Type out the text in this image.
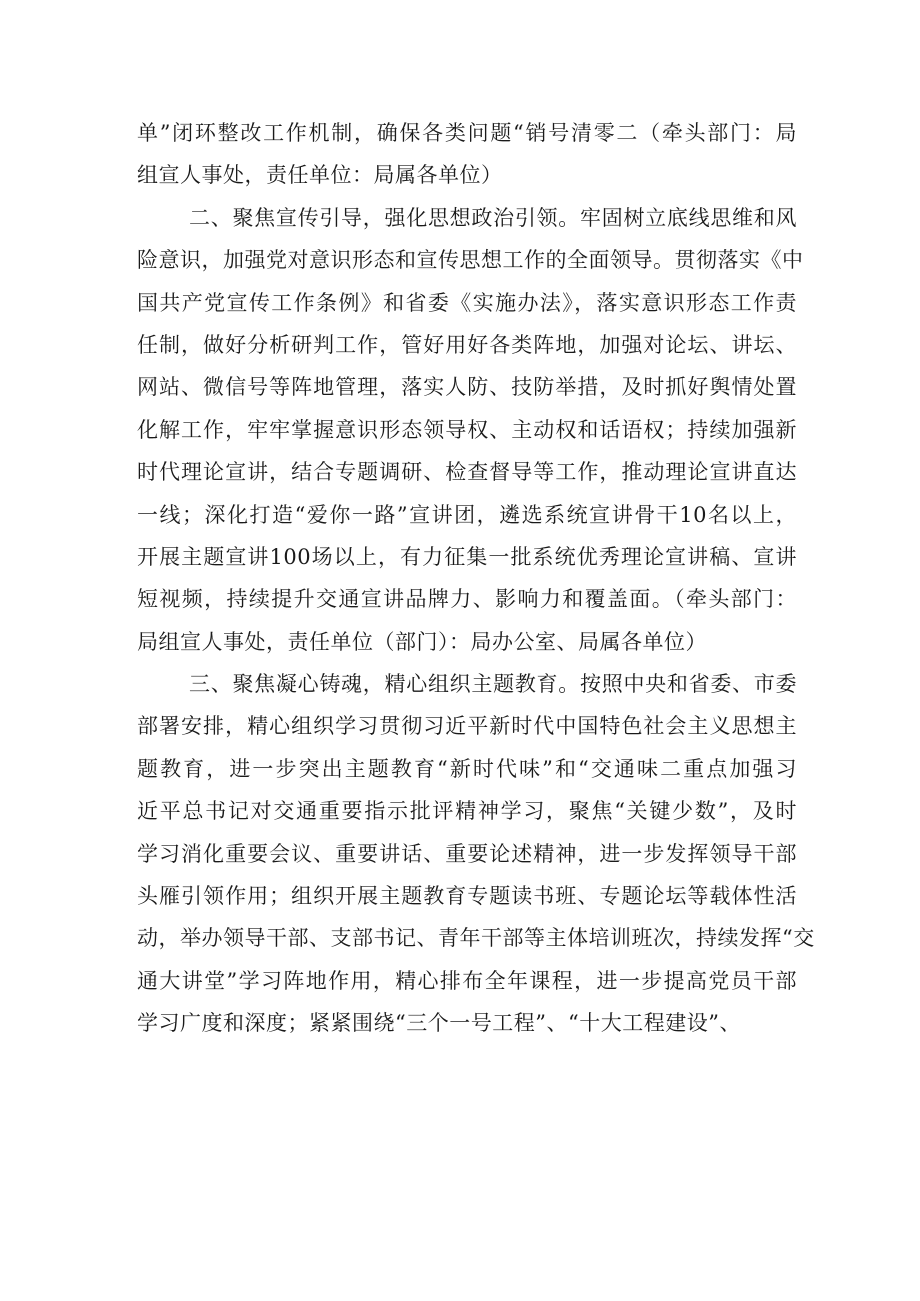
单”闭环整改工作机制，确保各类问题“销号清零二（牵头部门：局
组宣人事处，责任单位：局属各单位）
二、聚焦宣传引导，强化思想政治引领。牢固树立底线思维和风
险意识，加强党对意识形态和宣传思想工作的全面领导。贯彻落实《中
国共产党宣传工作条例》和省委《实施办法》，落实意识形态工作责
任制，做好分析研判工作，管好用好各类阵地，加强对论坛、讲坛、
网站、微信号等阵地管理，落实人防、技防举措，及时抓好舆情处置
化解工作，牢牢掌握意识形态领导权、主动权和话语权；持续加强新
时代理论宣讲，结合专题调研、检查督导等工作，推动理论宣讲直达
一线；深化打造“爱你一路”宣讲团，遴选系统宣讲骨干10名以上，
开展主题宣讲100场以上，有力征集一批系统优秀理论宣讲稿、宣讲
短视频，持续提升交通宣讲品牌力、影响力和覆盖面。（牵头部门：
局组宣人事处，责任单位（部门）：局办公室、局属各单位）
三、聚焦凝心铸魂，精心组织主题教育。按照中央和省委、市委
部署安排，精心组织学习贯彻习近平新时代中国特色社会主义思想主
题教育，进一步突出主题教育“新时代味”和“交通味二重点加强习
近平总书记对交通重要指示批评精神学习，聚焦“关键少数”，及时
学习消化重要会议、重要讲话、重要论述精神，进一步发挥领导干部
头雁引领作用；组织开展主题教育专题读书班、专题论坛等载体性活
动，举办领导干部、支部书记、青年干部等主体培训班次，持续发挥“交
通大讲堂”学习阵地作用，精心排布全年课程，进一步提高党员干部
学习广度和深度；紧紧围绕“三个一号工程”、“十大工程建设”、
